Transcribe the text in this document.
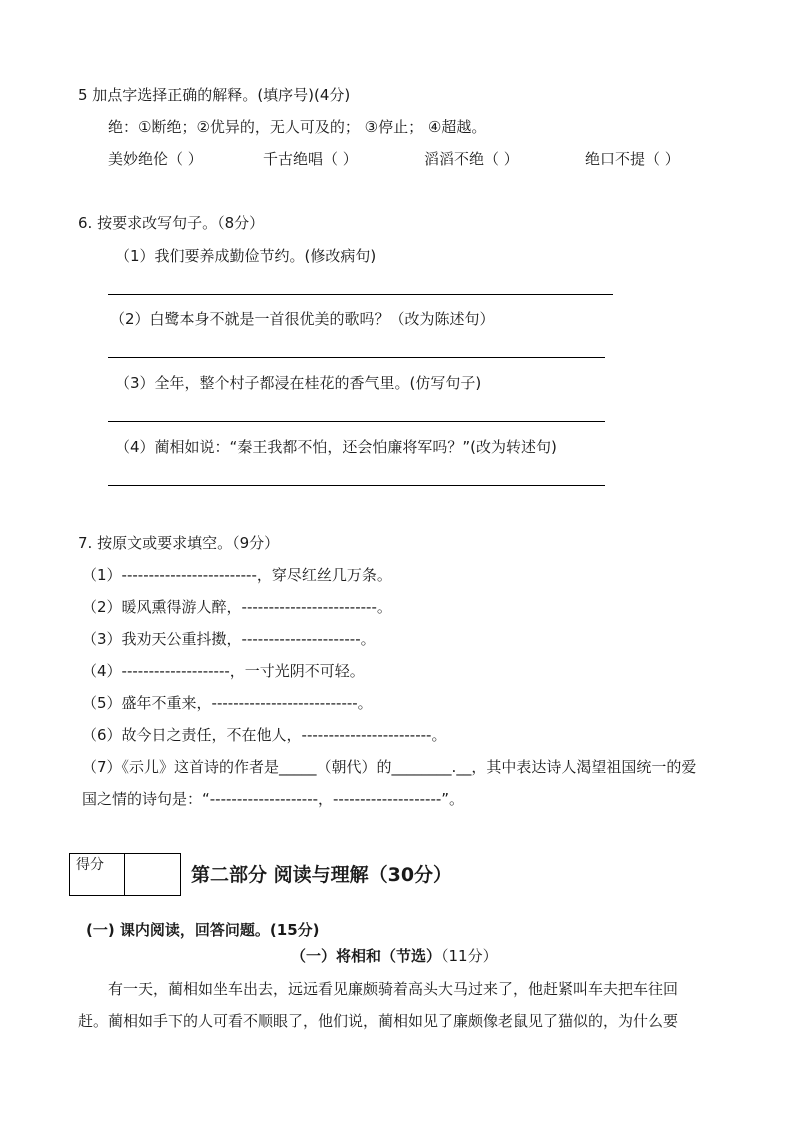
5 加点字选择正确的解释。(填序号)(4分)
绝：①断绝；②优异的，无人可及的； ③停止； ④超越。
美妙绝伦（ ）	千古绝唱（ ）	滔滔不绝（ ）	绝口不提（ ）
6. 按要求改写句子。（8分）
（1）我们要养成勤俭节约。(修改病句)
（2）白鹭本身不就是一首很优美的歌吗？（改为陈述句）
（3）全年，整个村子都浸在桂花的香气里。(仿写句子)
（4）蔺相如说：“秦王我都不怕，还会怕廉将军吗？”(改为转述句)
7. 按原文或要求填空。（9分）
（1）-------------------------，穿尽红丝几万条。
（2）暖风熏得游人醉，-------------------------。
（3）我劝天公重抖擞，----------------------。
（4）--------------------，一寸光阴不可轻。
（5）盛年不重来，---------------------------。
（6）故今日之责任，不在他人，------------------------。
（7）《示儿》这首诗的作者是_____（朝代）的________.__，其中表达诗人渴望祖国统一的爱
国之情的诗句是：“--------------------，--------------------”。
得分	第二部分 阅读与理解（30分）
(一) 课内阅读，回答问题。(15分)
（一）将相和（节选）（11分）
有一天，蔺相如坐车出去，远远看见廉颇骑着高头大马过来了，他赶紧叫车夫把车往回
赶。蔺相如手下的人可看不顺眼了，他们说，蔺相如见了廉颇像老鼠见了猫似的，为什么要
